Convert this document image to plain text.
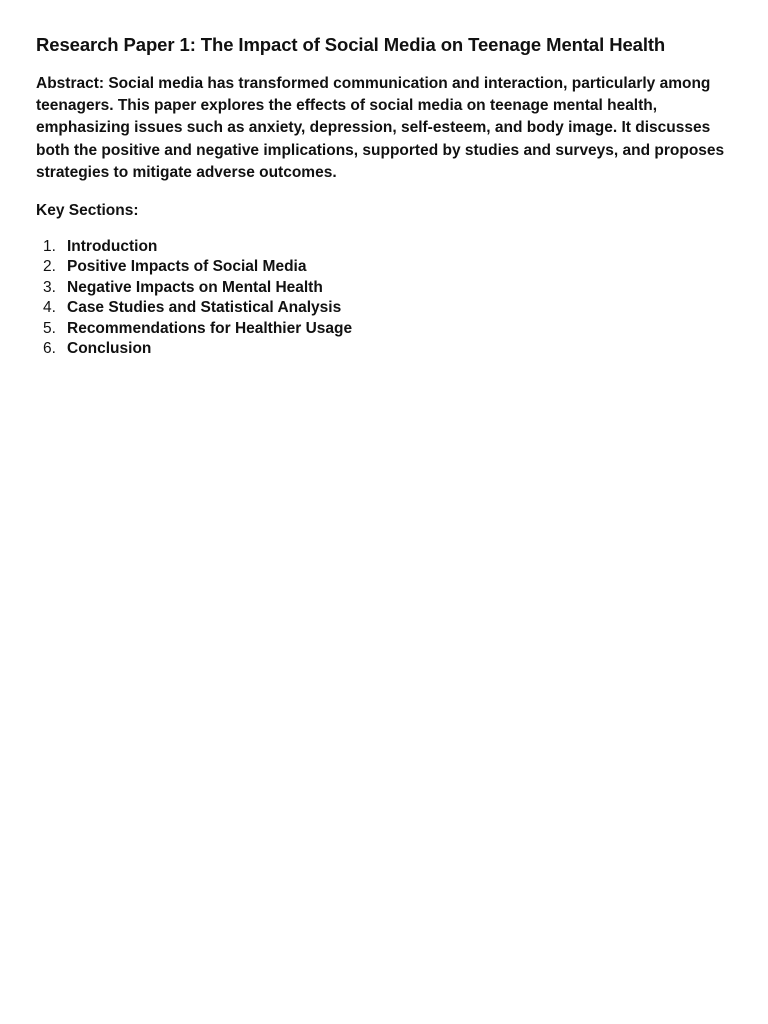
Research Paper 1: The Impact of Social Media on Teenage Mental Health

Abstract: Social media has transformed communication and interaction, particularly among teenagers. This paper explores the effects of social media on teenage mental health, emphasizing issues such as anxiety, depression, self-esteem, and body image. It discusses both the positive and negative implications, supported by studies and surveys, and proposes strategies to mitigate adverse outcomes.

Key Sections:

1. Introduction
2. Positive Impacts of Social Media
3. Negative Impacts on Mental Health
4. Case Studies and Statistical Analysis
5. Recommendations for Healthier Usage
6. Conclusion
